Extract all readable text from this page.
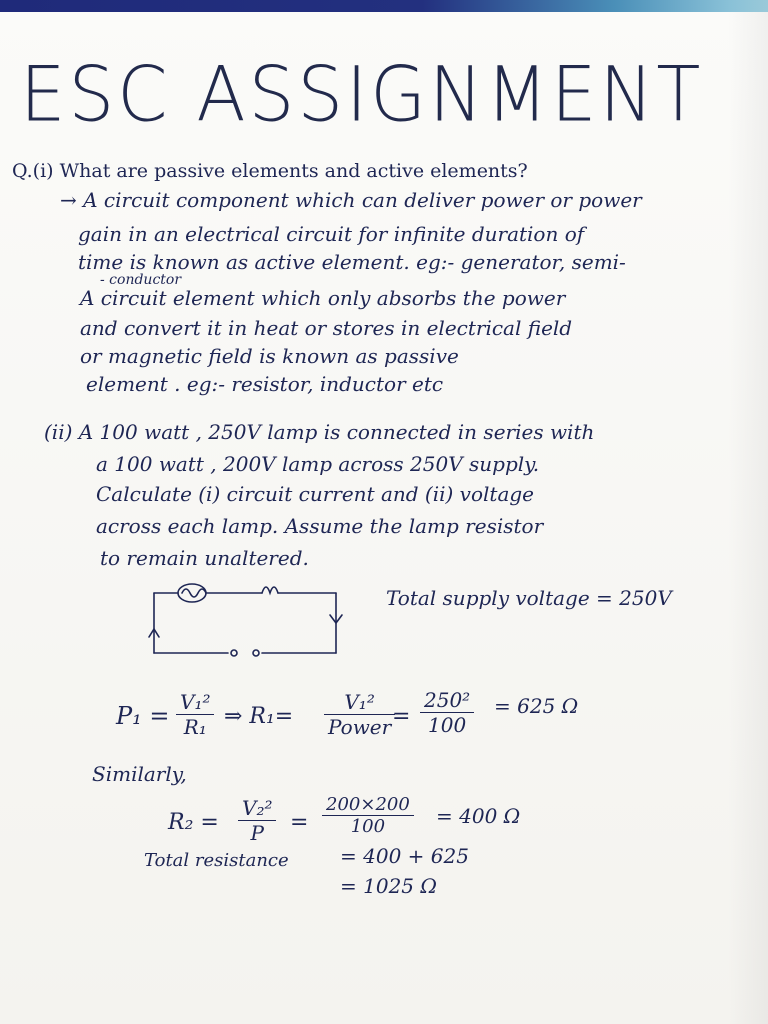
ESC ASSIGNMENT
Q.(i) What are passive elements and active elements?
→ A circuit component which can deliver power or power
gain in an electrical circuit for infinite duration of
time is known as active element. eg:- generator, semi-
- conductor
A circuit element which only absorbs the power
and convert it in heat or stores in electrical field
or magnetic field is known as passive
element . eg:- resistor, inductor etc
(ii) A 100 watt , 250V lamp is connected in series with
a 100 watt , 200V lamp across 250V supply.
Calculate (i) circuit current and (ii) voltage
across each lamp. Assume the lamp resistor
to remain unaltered.
Total supply voltage = 250V
$P_1 = \frac{\text{V₁²}}{\text{R₁}}$ ⇒ R₁=
V₁²
Power = $\frac{\text{250²}}{100} = 625$ Ω
Similarly,
$R_2 = \frac{\text{V₂²}}{P} = \frac{200\times 200}{100} = 400$ Ω
Total resistance	= 400 + 625
= 1025 Ω
